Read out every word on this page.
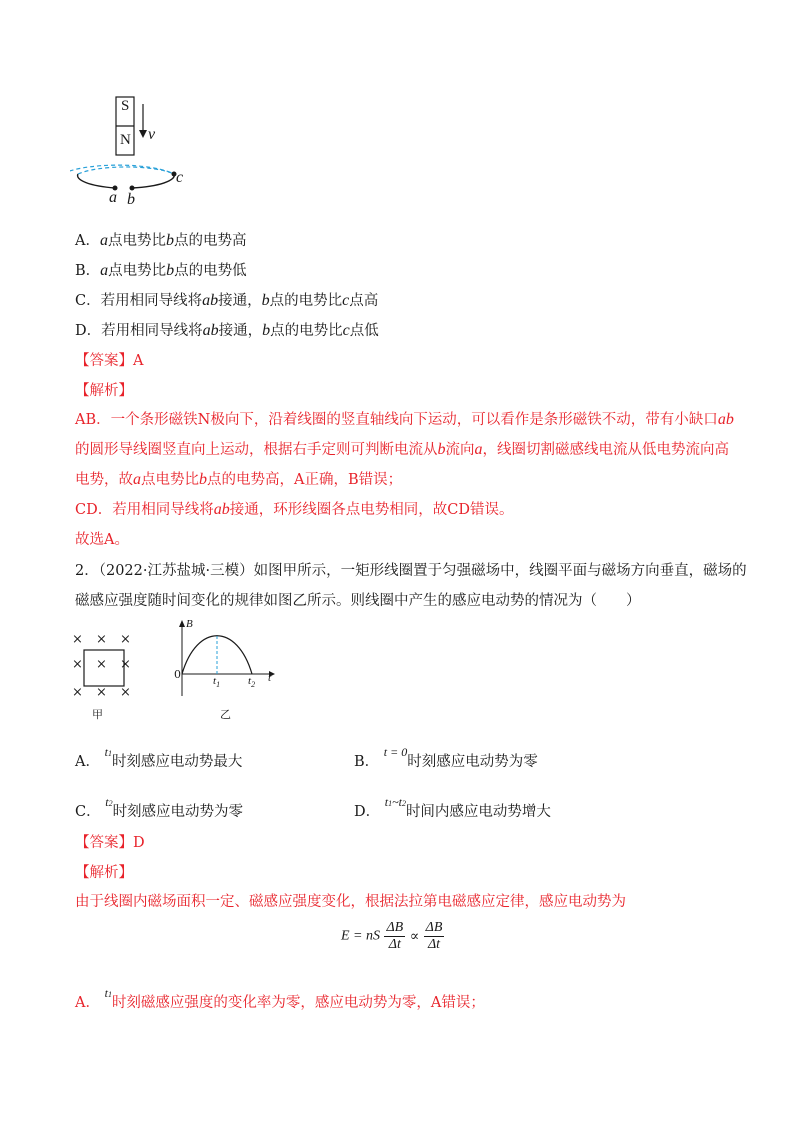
S
N v
a b
c
A．a点电势比b点的电势高
B．a点电势比b点的电势低
C．若用相同导线将ab接通，b点的电势比c点高
D．若用相同导线将ab接通，b点的电势比c点低
【答案】A
【解析】
AB．一个条形磁铁N极向下，沿着线圈的竖直轴线向下运动，可以看作是条形磁铁不动，带有小缺口ab
的圆形导线圈竖直向上运动，根据右手定则可判断电流从b流向a，线圈切割磁感线电流从低电势流向高
电势，故a点电势比b点的电势高，A正确，B错误；
CD．若用相同导线将ab接通，环形线圈各点电势相同，故CD错误。
故选A。
2．（2022·江苏盐城·三模）如图甲所示，一矩形线圈置于匀强磁场中，线圈平面与磁场方向垂直，磁场的
磁感应强度随时间变化的规律如图乙所示。则线圈中产生的感应电动势的情况为（　　）
× × ×
× × ×
× × ×
甲
B
t
0	$t_1$	$t_2$
乙
A． $^{t1}$时刻感应电动势最大	B． $^{t = 0}$时刻感应电动势为零
C． $^{t2}$时刻感应电动势为零	D． $^{t1\sim t2}$时间内感应电动势增大
【答案】D
【解析】
由于线圈内磁场面积一定、磁感应强度变化，根据法拉第电磁感应定律，感应电动势为
E = nS $\frac{\Delta B}{\Delta t} \propto \frac{\Delta B}{\Delta t}$
A． $^{t1}$时刻磁感应强度的变化率为零，感应电动势为零，A错误；
